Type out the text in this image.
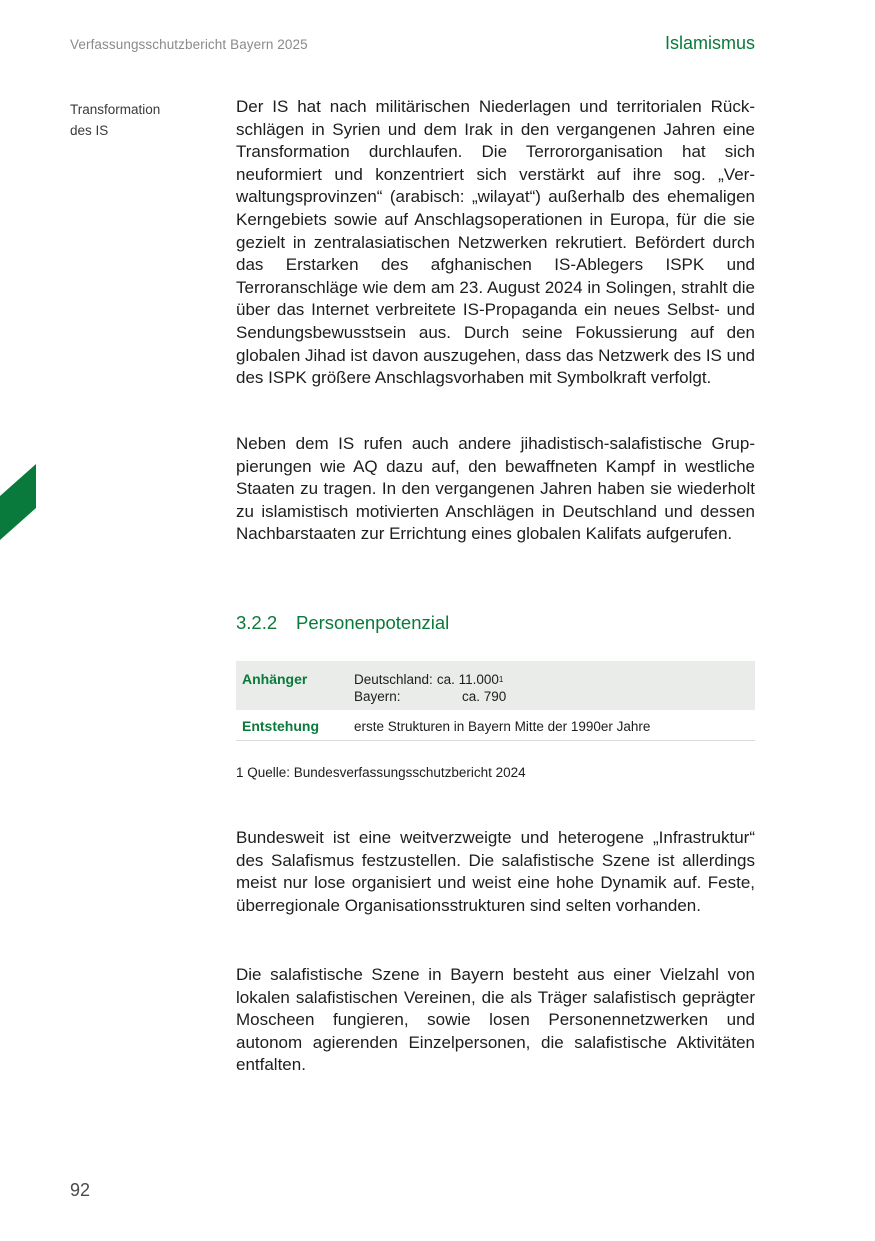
Verfassungsschutzbericht Bayern 2025	Islamismus
Transformation
des IS

Der IS hat nach militärischen Niederlagen und territorialen Rückschlägen in Syrien und dem Irak in den vergangenen Jahren eine Transformation durchlaufen. Die Terrororganisation hat sich neuformiert und konzentriert sich verstärkt auf ihre sog. „Verwaltungsprovinzen“ (arabisch: „wilayat“) außerhalb des ehemaligen Kerngebiets sowie auf Anschlagsoperationen in Europa, für die sie gezielt in zentralasiatischen Netzwerken rekrutiert. Befördert durch das Erstarken des afghanischen IS-Ablegers ISPK und Terroranschläge wie dem am 23. August 2024 in Solingen, strahlt die über das Internet verbreitete IS-Propaganda ein neues Selbst- und Sendungsbewusstsein aus. Durch seine Fokussierung auf den globalen Jihad ist davon auszugehen, dass das Netzwerk des IS und des ISPK größere Anschlagsvorhaben mit Symbolkraft verfolgt.

Neben dem IS rufen auch andere jihadistisch-salafistische Gruppierungen wie AQ dazu auf, den bewaffneten Kampf in westliche Staaten zu tragen. In den vergangenen Jahren haben sie wiederholt zu islamistisch motivierten Anschlägen in Deutschland und dessen Nachbarstaaten zur Errichtung eines globalen Kalifats aufgerufen.

3.2.2 Personenpotenzial
Anhänger	Deutschland: ca. 11.000 1
Bayern:	ca. 790
Entstehung	erste Strukturen in Bayern Mitte der 1990er Jahre
1 Quelle: Bundesverfassungsschutzbericht 2024

Bundesweit ist eine weitverzweigte und heterogene „Infrastruktur“ des Salafismus festzustellen. Die salafistische Szene ist allerdings meist nur lose organisiert und weist eine hohe Dynamik auf. Feste, überregionale Organisationsstrukturen sind selten vorhanden.

Die salafistische Szene in Bayern besteht aus einer Vielzahl von lokalen salafistischen Vereinen, die als Träger salafistisch geprägter Moscheen fungieren, sowie losen Personennetzwerken und autonom agierenden Einzelpersonen, die salafistische Aktivitäten entfalten.

92
